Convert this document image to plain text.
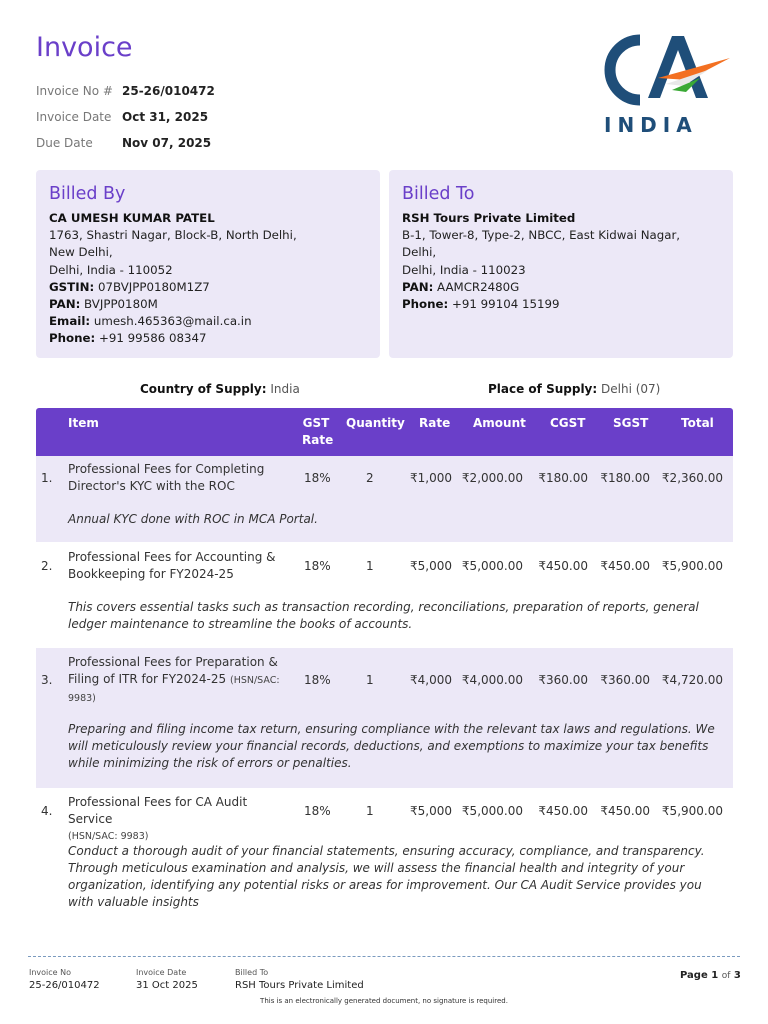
Invoice
Invoice No # 25-26/010472
Invoice Date Oct 31, 2025
Due Date	Nov 07, 2025
INDIA
Billed By
CA UMESH KUMAR PATEL
1763, Shastri Nagar, Block-B, North Delhi,
New Delhi,
Delhi, India - 110052
GSTIN: 07BVJPP0180M1Z7
PAN: BVJPP0180M
Email: umesh.465363@mail.ca.in
Phone: +91 99586 08347
Billed To
RSH Tours Private Limited
B-1, Tower-8, Type-2, NBCC, East Kidwai Nagar,
Delhi,
Delhi, India - 110023
PAN: AAMCR2480G
Phone: +91 99104 15199
Country of Supply: India	Place of Supply: Delhi (07)
Item	GST
Rate
Quantity Rate Amount CGST SGST	Total
1.
Professional Fees for Completing
Director's KYC with the ROC
18%	2	₹1,000 ₹2,000.00	₹180.00	₹180.00 ₹2,360.00
Annual KYC done with ROC in MCA Portal.
2.
Professional Fees for Accounting &
Bookkeeping for FY2024-25
18%	1	₹5,000 ₹5,000.00	₹450.00	₹450.00 ₹5,900.00
This covers essential tasks such as transaction recording, reconciliations, preparation of reports, general ledger maintenance to streamline the books of accounts.
3.
Professional Fees for Preparation &
Filing of ITR for FY2024-25 (HSN/SAC: 9983)
18%	1	₹4,000 ₹4,000.00	₹360.00	₹360.00 ₹4,720.00
Preparing and filing income tax return, ensuring compliance with the relevant tax laws and regulations. We will meticulously review your financial records, deductions, and exemptions to maximize your tax benefits while minimizing the risk of errors or penalties.
4.
Professional Fees for CA Audit Service
(HSN/SAC: 9983)
18%	1	₹5,000 ₹5,000.00	₹450.00	₹450.00 ₹5,900.00
Conduct a thorough audit of your financial statements, ensuring accuracy, compliance, and transparency. Through meticulous examination and analysis, we will assess the financial health and integrity of your organization, identifying any potential risks or areas for improvement. Our CA Audit Service provides you with valuable insights
Invoice No
25-26/010472
Invoice Date
31 Oct 2025
Billed To
RSH Tours Private Limited
Page 1 of 3
This is an electronically generated document, no signature is required.
